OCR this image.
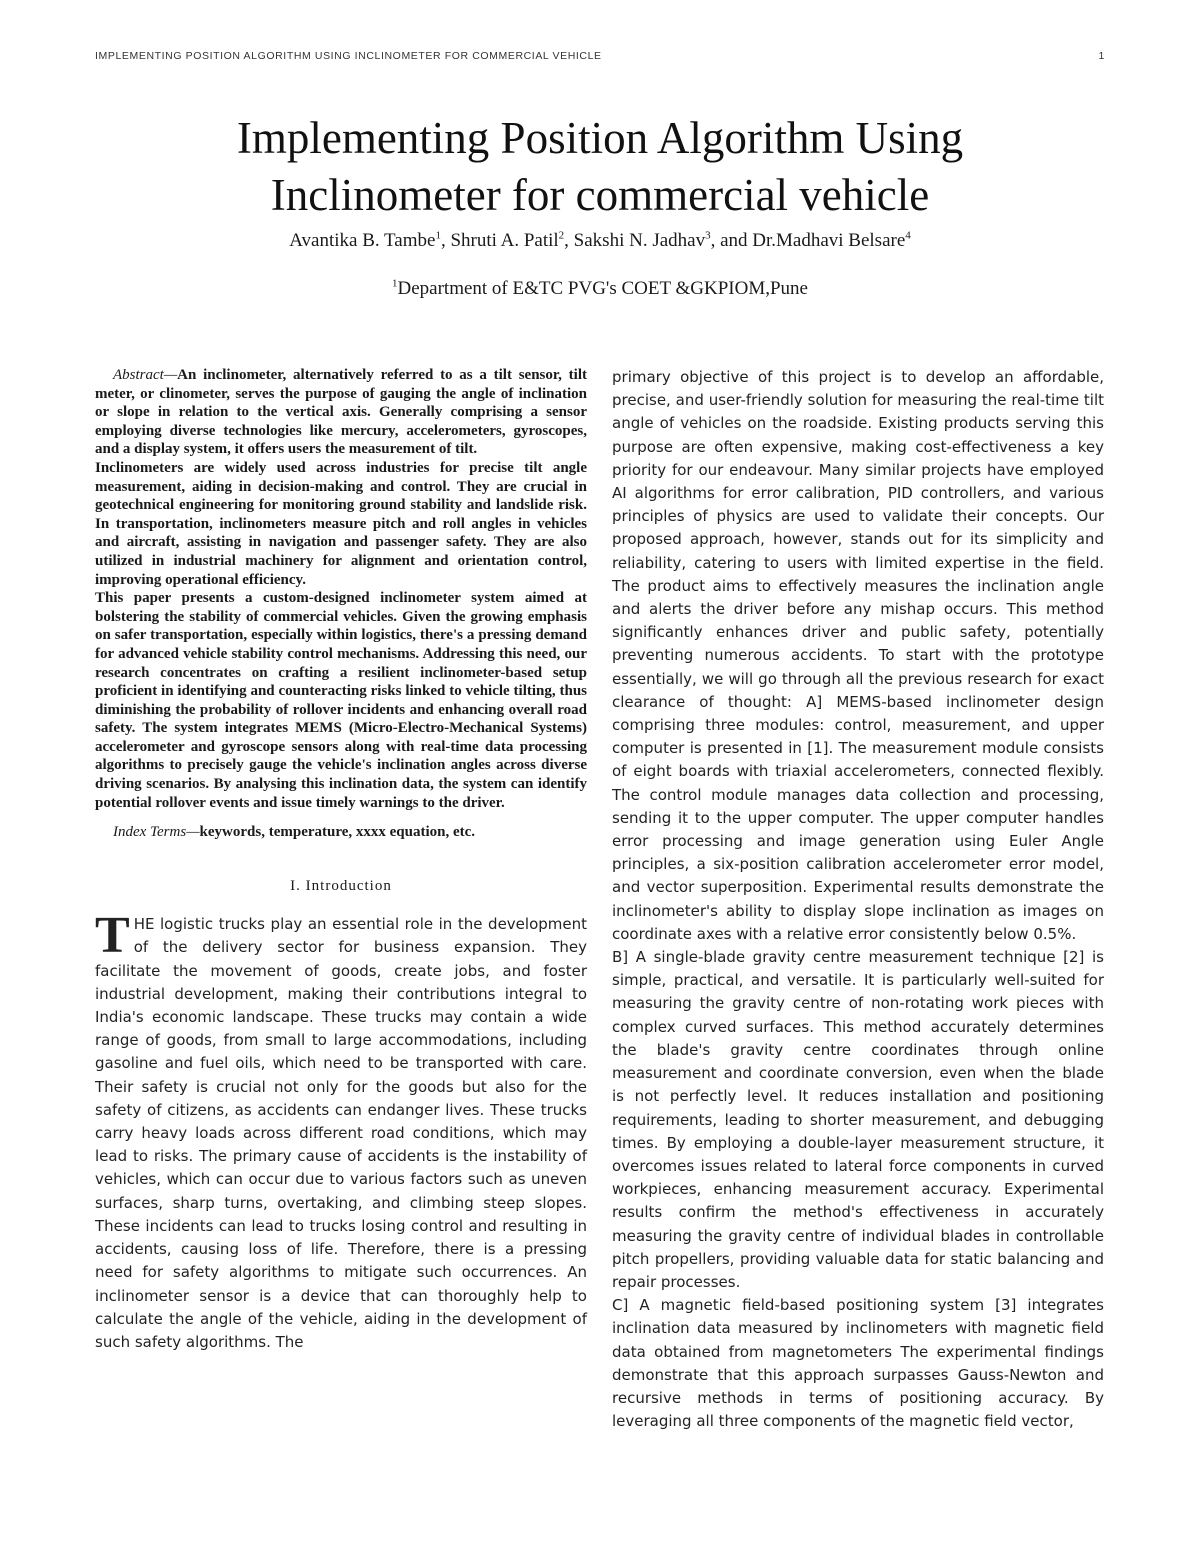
IMPLEMENTING POSITION ALGORITHM USING INCLINOMETER FOR COMMERCIAL VEHICLE	1
Implementing Position Algorithm Using
Inclinometer for commercial vehicle
Avantika B. Tambe$^1$, Shruti A. Patil$^2$, Sakshi N. Jadhav$^3$, and Dr.Madhavi Belsare$^4$
$^1$Department of E&TC PVG's COET &GKPIOM,Pune

Abstract—An inclinometer, alternatively referred to as a tilt sensor, tilt meter, or clinometer, serves the purpose of gauging the angle of inclination or slope in relation to the vertical axis. Generally comprising a sensor employing diverse technologies like mercury, accelerometers, gyroscopes, and a display system, it offers users the measurement of tilt.

Inclinometers are widely used across industries for precise tilt angle measurement, aiding in decision-making and control. They are crucial in geotechnical engineering for monitoring ground stability and landslide risk. In transportation, inclinometers measure pitch and roll angles in vehicles and aircraft, assisting in navigation and passenger safety. They are also utilized in industrial machinery for alignment and orientation control, improving operational efficiency.

This paper presents a custom-designed inclinometer system aimed at bolstering the stability of commercial vehicles. Given the growing emphasis on safer transportation, especially within logistics, there's a pressing demand for advanced vehicle stability control mechanisms. Addressing this need, our research concentrates on crafting a resilient inclinometer-based setup proficient in identifying and counteracting risks linked to vehicle tilting, thus diminishing the probability of rollover incidents and enhancing overall road safety. The system integrates MEMS (Micro-Electro-Mechanical Systems) accelerometer and gyroscope sensors along with real-time data processing algorithms to precisely gauge the vehicle's inclination angles across diverse driving scenarios. By analysing this inclination data, the system can identify potential rollover events and issue timely warnings to the driver.

Index Terms—keywords, temperature, xxxx equation, etc.

I. Introduction

THE logistic trucks play an essential role in the development of the delivery sector for business expansion. They facilitate the movement of goods, create jobs, and foster industrial development, making their contributions integral to India's economic landscape. These trucks may contain a wide range of goods, from small to large accommodations, including gasoline and fuel oils, which need to be transported with care. Their safety is crucial not only for the goods but also for the safety of citizens, as accidents can endanger lives. These trucks carry heavy loads across different road conditions, which may lead to risks. The primary cause of accidents is the instability of vehicles, which can occur due to various factors such as uneven surfaces, sharp turns, overtaking, and climbing steep slopes. These incidents can lead to trucks losing control and resulting in accidents, causing loss of life. Therefore, there is a pressing need for safety algorithms to mitigate such occurrences. An inclinometer sensor is a device that can thoroughly help to calculate the angle of the vehicle, aiding in the development of such safety algorithms. The

primary objective of this project is to develop an affordable, precise, and user-friendly solution for measuring the real-time tilt angle of vehicles on the roadside. Existing products serving this purpose are often expensive, making cost-effectiveness a key priority for our endeavour. Many similar projects have employed AI algorithms for error calibration, PID controllers, and various principles of physics are used to validate their concepts. Our proposed approach, however, stands out for its simplicity and reliability, catering to users with limited expertise in the field. The product aims to effectively measures the inclination angle and alerts the driver before any mishap occurs. This method significantly enhances driver and public safety, potentially preventing numerous accidents. To start with the prototype essentially, we will go through all the previous research for exact clearance of thought: A] MEMS-based inclinometer design comprising three modules: control, measurement, and upper computer is presented in [1]. The measurement module consists of eight boards with triaxial accelerometers, connected flexibly. The control module manages data collection and processing, sending it to the upper computer. The upper computer handles error processing and image generation using Euler Angle principles, a six-position calibration accelerometer error model, and vector superposition. Experimental results demonstrate the inclinometer's ability to display slope inclination as images on coordinate axes with a relative error consistently below 0.5%.

B] A single-blade gravity centre measurement technique [2] is simple, practical, and versatile. It is particularly well-suited for measuring the gravity centre of non-rotating work pieces with complex curved surfaces. This method accurately determines the blade's gravity centre coordinates through online measurement and coordinate conversion, even when the blade is not perfectly level. It reduces installation and positioning requirements, leading to shorter measurement, and debugging times. By employing a double-layer measurement structure, it overcomes issues related to lateral force components in curved workpieces, enhancing measurement accuracy. Experimental results confirm the method's effectiveness in accurately measuring the gravity centre of individual blades in controllable pitch propellers, providing valuable data for static balancing and repair processes.

C] A magnetic field-based positioning system [3] integrates inclination data measured by inclinometers with magnetic field data obtained from magnetometers The experimental findings demonstrate that this approach surpasses Gauss-Newton and recursive methods in terms of positioning accuracy. By leveraging all three components of the magnetic field vector,
